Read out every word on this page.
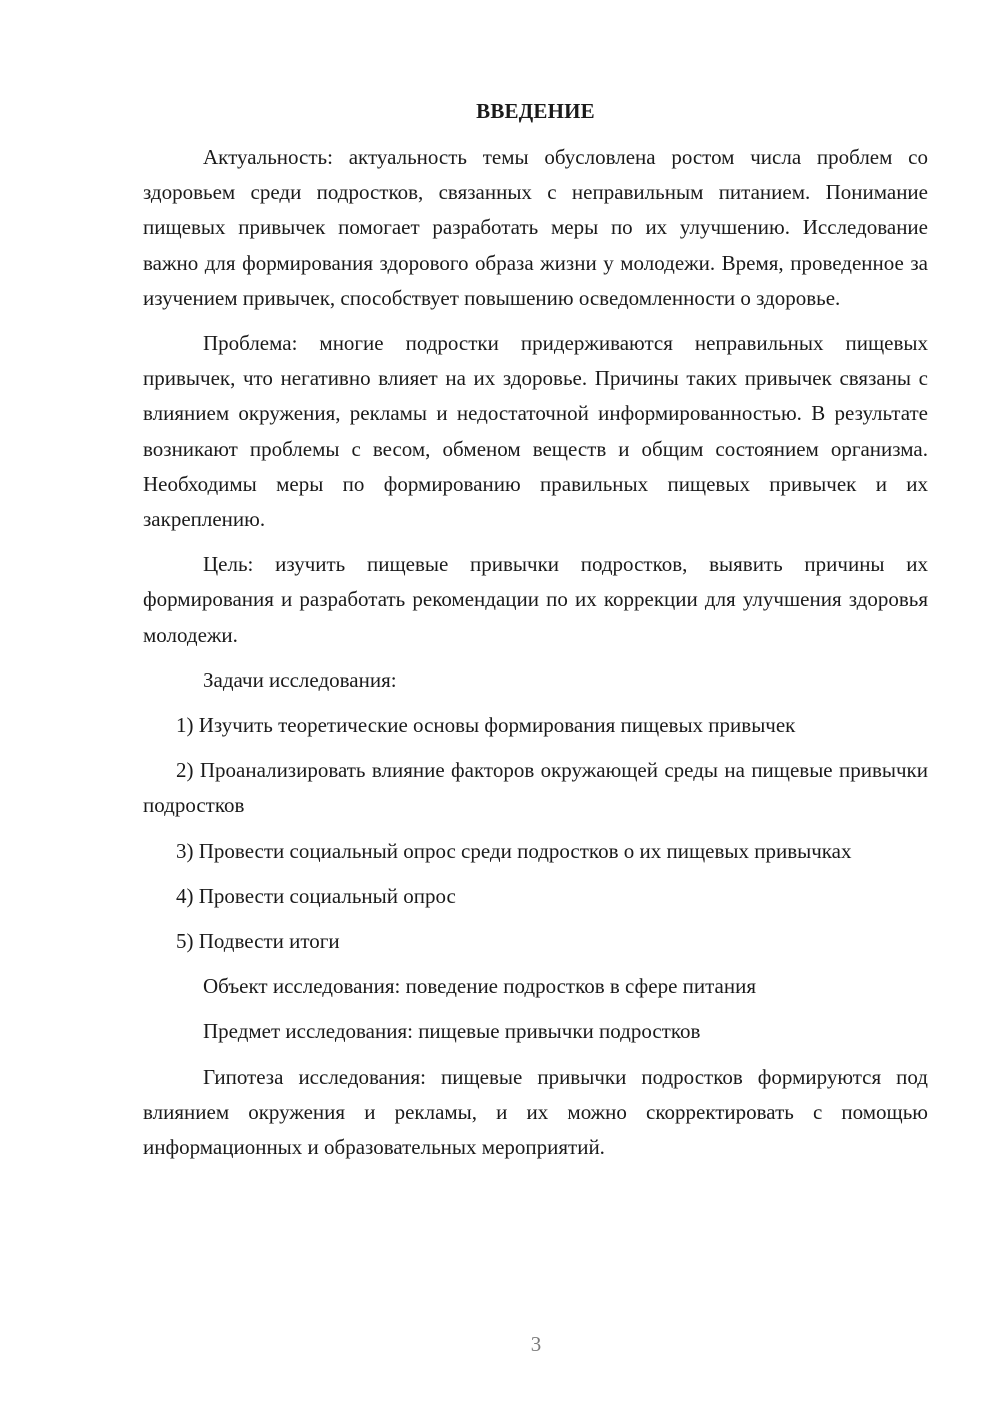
ВВЕДЕНИЕ

Актуальность: актуальность темы обусловлена ростом числа проблем со здоровьем среди подростков, связанных с неправильным питанием. Понимание пищевых привычек помогает разработать меры по их улучшению. Исследование важно для формирования здорового образа жизни у молодежи. Время, проведенное за изучением привычек, способствует повышению осведомленности о здоровье.

Проблема: многие подростки придерживаются неправильных пищевых привычек, что негативно влияет на их здоровье. Причины таких привычек связаны с влиянием окружения, рекламы и недостаточной информированностью. В результате возникают проблемы с весом, обменом веществ и общим состоянием организма. Необходимы меры по формированию правильных пищевых привычек и их закреплению.

Цель: изучить пищевые привычки подростков, выявить причины их формирования и разработать рекомендации по их коррекции для улучшения здоровья молодежи.

Задачи исследования:

1) Изучить теоретические основы формирования пищевых привычек

2) Проанализировать влияние факторов окружающей среды на пищевые привычки подростков

3) Провести социальный опрос среди подростков о их пищевых привычках

4) Провести социальный опрос

5) Подвести итоги

Объект исследования: поведение подростков в сфере питания

Предмет исследования: пищевые привычки подростков

Гипотеза исследования: пищевые привычки подростков формируются под влиянием окружения и рекламы, и их можно скорректировать с помощью информационных и образовательных мероприятий.

3
